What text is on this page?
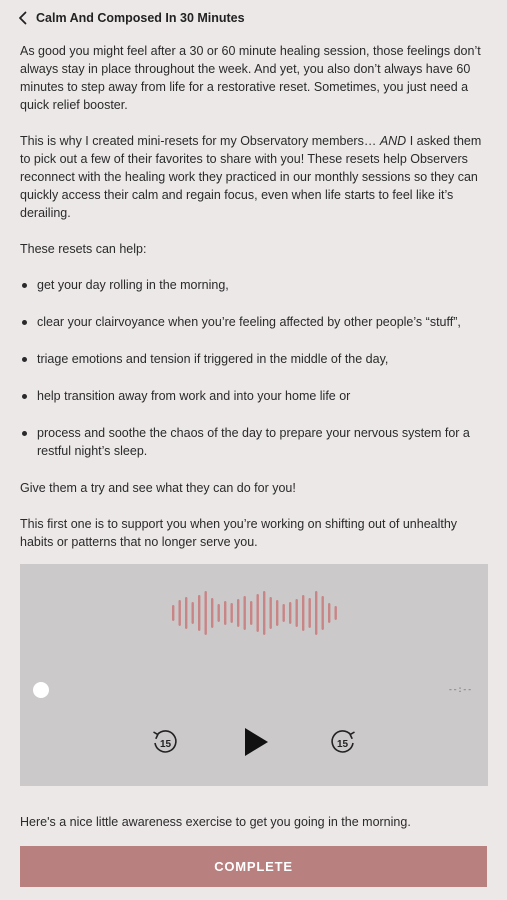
Calm And Composed In 30 Minutes

As good you might feel after a 30 or 60 minute healing session, those feelings don’t always stay in place throughout the week. And yet, you also don’t always have 60 minutes to step away from life for a restorative reset. Sometimes, you just need a quick relief booster.

This is why I created mini-resets for my Observatory members… AND I asked them to pick out a few of their favorites to share with you! These resets help Observers reconnect with the healing work they practiced in our monthly sessions so they can quickly access their calm and regain focus, even when life starts to feel like it’s derailing.

These resets can help:

get your day rolling in the morning,
clear your clairvoyance when you’re feeling affected by other people’s “stuff”,
triage emotions and tension if triggered in the middle of the day,
help transition away from work and into your home life or
process and soothe the chaos of the day to prepare your nervous system for a restful night’s sleep.

Give them a try and see what they can do for you!

This first one is to support you when you’re working on shifting out of unhealthy habits or patterns that no longer serve you.

--:--
15	15
Here's a nice little awareness exercise to get you going in the morning.
COMPLETE
